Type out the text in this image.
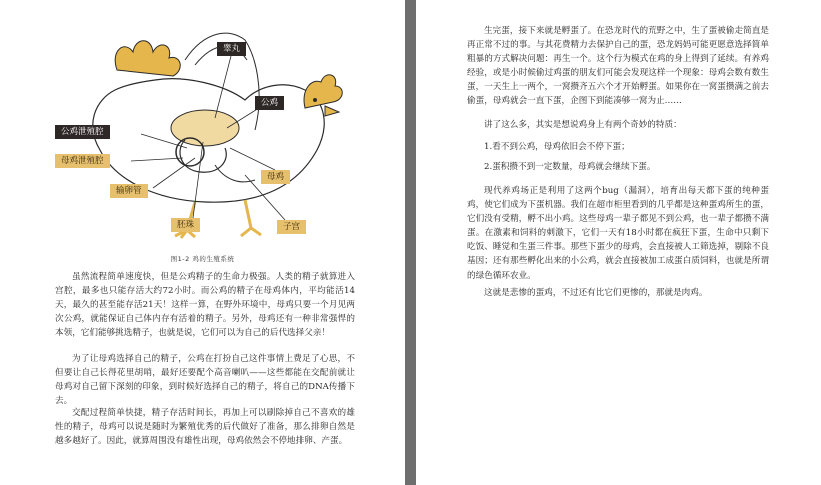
睾丸
公鸡
公鸡泄殖腔
母鸡泄殖腔
输卵管
母鸡
胚珠	子宫
图1-2 鸡的生殖系统

虽然流程简单速度快，但是公鸡精子的生命力极强。人类的精子就算进入宫腔，最多也只能存活大约72小时。而公鸡的精子在母鸡体内，平均能活14天，最久的甚至能存活21天！这样一算，在野外环境中，母鸡只要一个月见两次公鸡，就能保证自己体内存有活着的精子。另外，母鸡还有一种非常强悍的本领，它们能够挑选精子，也就是说，它们可以为自己的后代选择父亲！

为了让母鸡选择自己的精子，公鸡在打扮自己这件事情上费足了心思，不但要让自己长得花里胡哨，最好还要配个高音喇叭——这些都能在交配前就让母鸡对自己留下深刻的印象，到时候好选择自己的精子，将自己的DNA传播下去。

交配过程简单快捷，精子存活时间长，再加上可以刷除掉自己不喜欢的雄性的精子，母鸡可以说是随时为繁殖优秀的后代做好了准备，那么排卵自然是越多越好了。因此，就算周围没有雄性出现，母鸡依然会不停地排卵、产蛋。

生完蛋，接下来就是孵蛋了。在恐龙时代的荒野之中，生了蛋被偷走简直是再正常不过的事。与其花费精力去保护自己的蛋，恐龙妈妈可能更愿意选择简单粗暴的方式解决问题：再生一个。这个行为模式在鸡的身上得到了延续。有养鸡经验，或是小时候偷过鸡蛋的朋友们可能会发现这样一个现象：母鸡会数有数生蛋，一天生上一两个，一窝攒齐五六个才开始孵蛋。如果你在一窝蛋攒满之前去偷蛋，母鸡就会一直下蛋，企图下到能凑够一窝为止……

讲了这么多，其实是想说鸡身上有两个奇妙的特质：

1.看不到公鸡，母鸡依旧会不停下蛋；

2.蛋积攒不到一定数量，母鸡就会继续下蛋。

现代养鸡场正是利用了这两个bug（漏洞），培育出每天都下蛋的纯种蛋鸡，使它们成为下蛋机器。我们在超市柜里看到的几乎都是这种蛋鸡所生的蛋，它们没有受精，孵不出小鸡。这些母鸡一辈子都见不到公鸡，也一辈子都攒不满蛋。在激素和饲料的刺激下，它们一天有18小时都在疯狂下蛋，生命中只剩下吃饭、睡觉和生蛋三件事。那些下蛋少的母鸡，会直接被人工筛选掉，剔除不良基因；还有那些孵化出来的小公鸡，就会直接被加工成蛋白质饲料，也就是所谓的绿色循环农业。

这就是悲惨的蛋鸡，不过还有比它们更惨的，那就是肉鸡。
